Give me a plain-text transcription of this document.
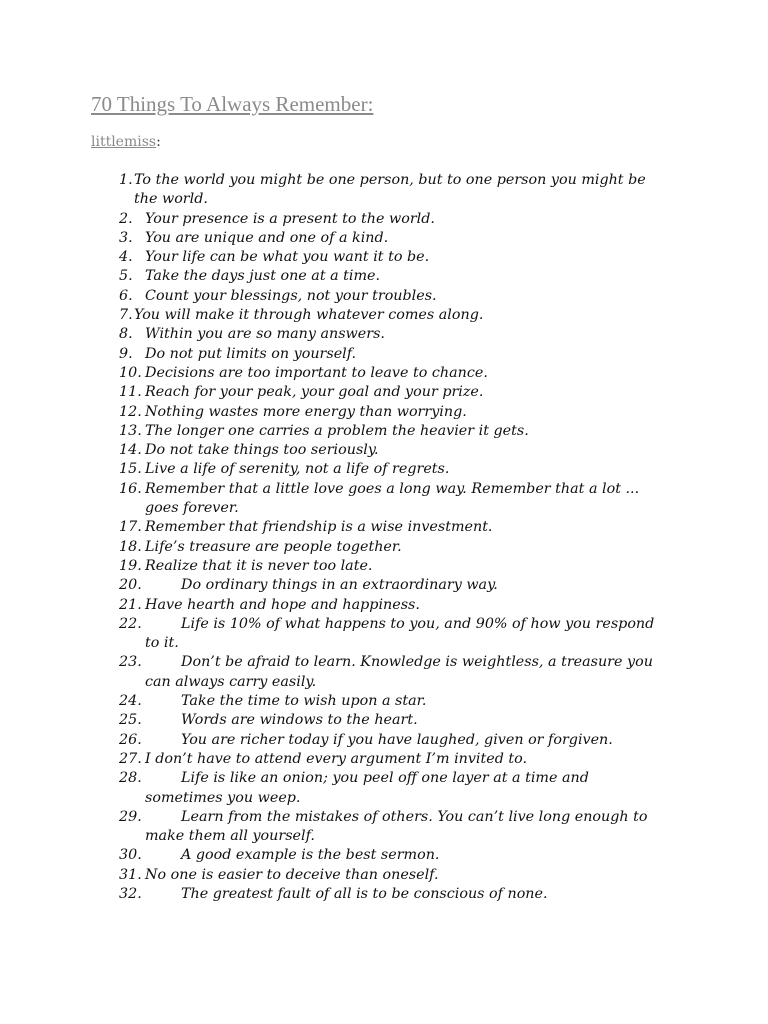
70 Things To Always Remember:
littlemiss:
1. To the world you might be one person, but to one person you might be
the world.
2. Your presence is a present to the world.
3. You are unique and one of a kind.
4. Your life can be what you want it to be.
5. Take the days just one at a time.
6. Count your blessings, not your troubles.
7. You will make it through whatever comes along.
8. Within you are so many answers.
9. Do not put limits on yourself.
10. Decisions are too important to leave to chance.
11. Reach for your peak, your goal and your prize.
12. Nothing wastes more energy than worrying.
13. The longer one carries a problem the heavier it gets.
14. Do not take things too seriously.
15. Live a life of serenity, not a life of regrets.
16. Remember that a little love goes a long way. Remember that a lot ...
goes forever.
17. Remember that friendship is a wise investment.
18. Life’s treasure are people together.
19. Realize that it is never too late.
20.	Do ordinary things in an extraordinary way.
21. Have hearth and hope and happiness.
22.	Life is 10% of what happens to you, and 90% of how you respond
to it.
23.	Don’t be afraid to learn. Knowledge is weightless, a treasure you
can always carry easily.
24.	Take the time to wish upon a star.
25.	Words are windows to the heart.
26.	You are richer today if you have laughed, given or forgiven.
27. I don’t have to attend every argument I’m invited to.
28.	Life is like an onion; you peel off one layer at a time and
sometimes you weep.
29.	Learn from the mistakes of others. You can’t live long enough to
make them all yourself.
30.	A good example is the best sermon.
31. No one is easier to deceive than oneself.
32.	The greatest fault of all is to be conscious of none.
